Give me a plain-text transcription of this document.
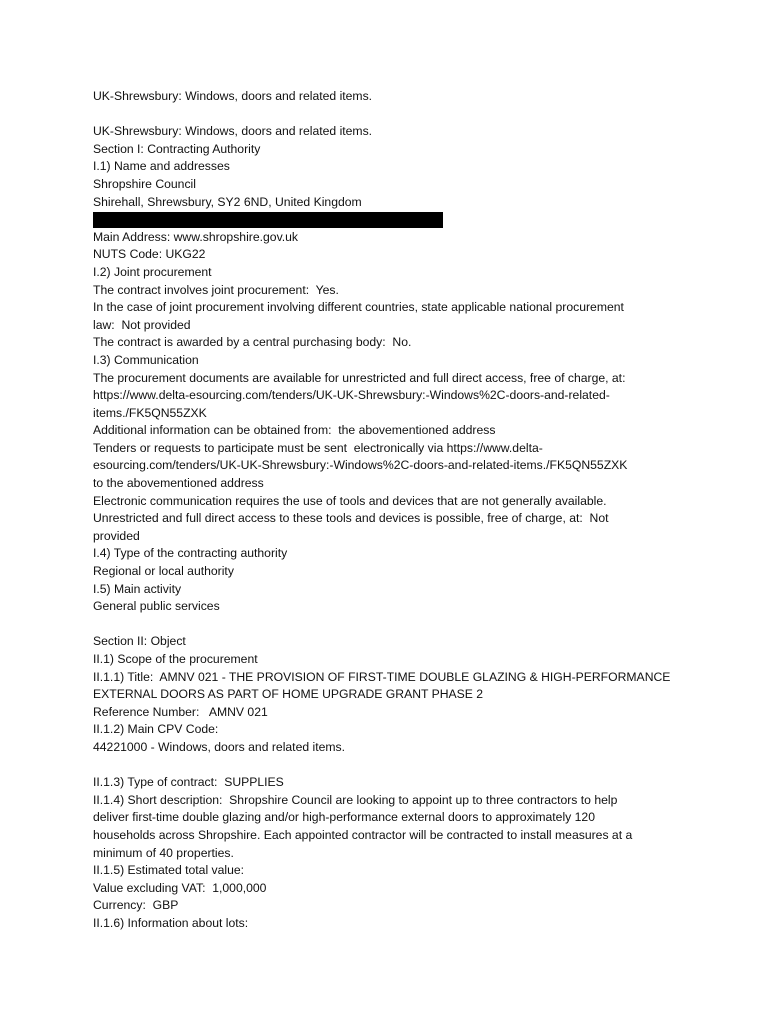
UK-Shrewsbury: Windows, doors and related items.
UK-Shrewsbury: Windows, doors and related items.
Section I: Contracting Authority
I.1) Name and addresses
Shropshire Council
Shirehall, Shrewsbury, SY2 6ND, United Kingdom
Main Address: www.shropshire.gov.uk
NUTS Code: UKG22
I.2) Joint procurement
The contract involves joint procurement:  Yes.
In the case of joint procurement involving different countries, state applicable national procurement
law:  Not provided
The contract is awarded by a central purchasing body:  No.
I.3) Communication
The procurement documents are available for unrestricted and full direct access, free of charge, at:
https://www.delta-esourcing.com/tenders/UK-UK-Shrewsbury:-Windows%2C-doors-and-related-
items./FK5QN55ZXK
Additional information can be obtained from:  the abovementioned address
Tenders or requests to participate must be sent  electronically via https://www.delta-
esourcing.com/tenders/UK-UK-Shrewsbury:-Windows%2C-doors-and-related-items./FK5QN55ZXK
to the abovementioned address
Electronic communication requires the use of tools and devices that are not generally available.
Unrestricted and full direct access to these tools and devices is possible, free of charge, at:  Not
provided
I.4) Type of the contracting authority
Regional or local authority
I.5) Main activity
General public services
Section II: Object
II.1) Scope of the procurement
II.1.1) Title:  AMNV 021 - THE PROVISION OF FIRST-TIME DOUBLE GLAZING & HIGH-PERFORMANCE
EXTERNAL DOORS AS PART OF HOME UPGRADE GRANT PHASE 2
Reference Number:   AMNV 021
II.1.2) Main CPV Code:
44221000 - Windows, doors and related items.
II.1.3) Type of contract:  SUPPLIES
II.1.4) Short description:  Shropshire Council are looking to appoint up to three contractors to help
deliver first-time double glazing and/or high-performance external doors to approximately 120
households across Shropshire. Each appointed contractor will be contracted to install measures at a
minimum of 40 properties.
II.1.5) Estimated total value:
Value excluding VAT:  1,000,000
Currency:  GBP
II.1.6) Information about lots:
